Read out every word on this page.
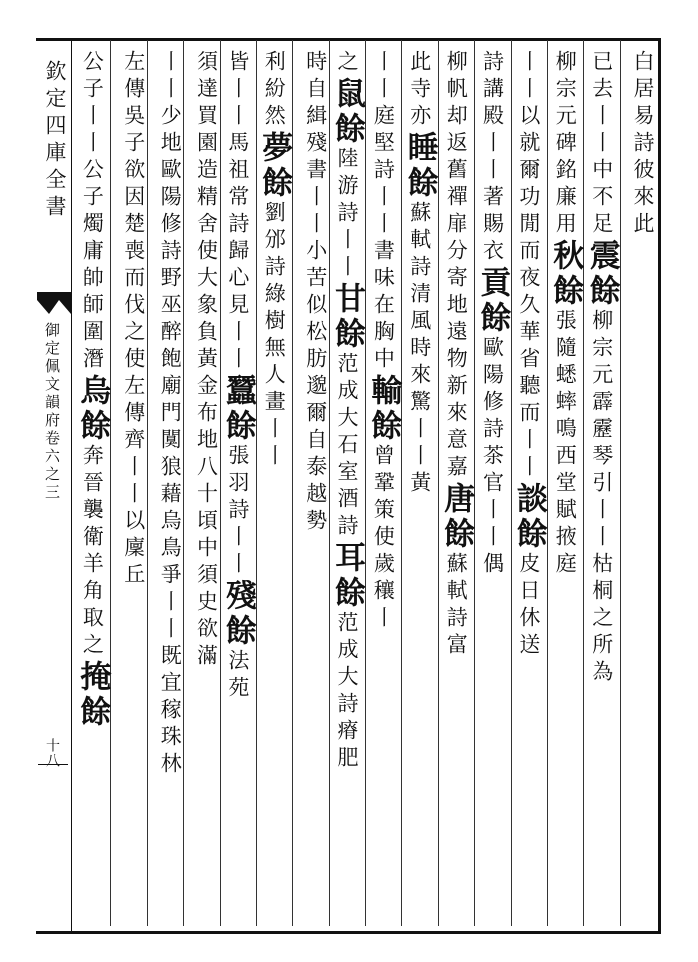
欽定四庫全書
御定佩文韻府卷六之三
十八
白居易詩彼來此
已去丨丨中不足震餘柳宗元霹靂琴引丨丨枯桐之所為
柳宗元碑銘廉用秋餘張隨蟋蟀鳴西堂賦掖庭
丨丨以就爾功閒而夜久華省聽而丨丨談餘皮日休送
詩講殿丨丨著賜衣貢餘歐陽修詩茶官丨丨偶
柳帆却返舊禪扉分寄地遠物新來意嘉唐餘蘇軾詩富
此寺亦睡餘蘇軾詩清風時來驚丨丨黃
丨丨庭堅詩丨丨書味在胸中輸餘曾鞏策使歲穰丨
之鼠餘陸游詩丨丨甘餘范成大石室酒詩耳餘范成大詩瘠肥
時自緝殘書丨丨小苦似松肪邈爾自泰越勢
利紛然夢餘劉邠詩綠樹無人畫丨丨
皆丨丨馬祖常詩歸心見丨丨蠶餘張羽詩丨丨殘餘法苑
須達買園造精舍使大象負黃金布地八十頃中須史欲滿
丨丨少地歐陽修詩野巫醉飽廟門闃狼藉烏鳥爭丨丨既宜稼珠林
左傳吳子欲因楚喪而伐之使左傳齊丨丨以廩丘
公子丨丨公子燭庸帥師圍潛烏餘奔晉襲衛羊角取之掩餘
